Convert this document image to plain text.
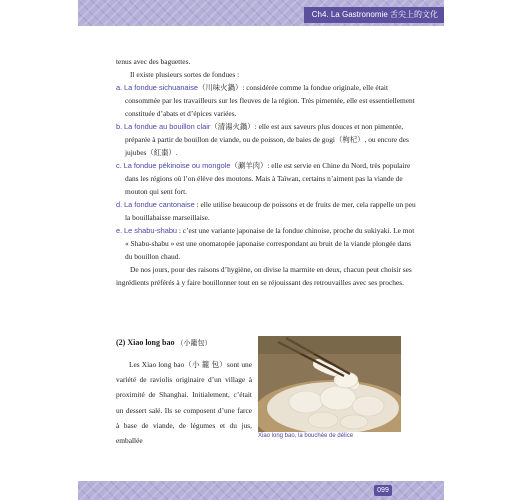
Ch4. La Gastronomie 舌尖上的文化

tenus avec des baguettes.

Il existe plusieurs sortes de fondues :

a. La fondue sichuanaise（川味火鍋）: considérée comme la fondue originale, elle était consommée par les travailleurs sur les fleuves de la région. Très pimentée, elle est essentiellement constituée d’abats et d’épices variées.

b. La fondue au bouillon clair（清湯火鍋）: elle est aux saveurs plus douces et non pimentée, préparée à partir de bouillon de viande, ou de poisson, de baies de gogi（枸杞）, ou encore des jujubes（紅棗）.

c. La fondue pékinoise ou mongole（涮羊肉）: elle est servie en Chine du Nord, très populaire dans les régions où l’on élève des moutons. Mais à Taïwan, certains n’aiment pas la viande de mouton qui sent fort.

d. La fondue cantonaise : elle utilise beaucoup de poissons et de fruits de mer, cela rappelle un peu la bouillabaisse marseillaise.

e. Le shabu-shabu : c’est une variante japonaise de la fondue chinoise, proche du sukiyaki. Le mot « Shabu-shabu » est une onomatopée japonaise correspondant au bruit de la viande plongée dans du bouillon chaud.

De nos jours, pour des raisons d’hygiène, on divise la marmite en deux, chacun peut choisir ses ingrédients préférés à y faire bouillonner tout en se réjouissant des retrouvailles avec ses proches.

(2) Xiao long bao （小籠包）

Les Xiao long bao（小 籠 包）sont une variété de raviolis originaire d’un village à proximité de Shanghai. Initialement, c’était un dessert salé. Ils se composent d’une farce à base de viande, de légumes et du jus, emballée

Xiao long bao, la bouchée de délice
099
